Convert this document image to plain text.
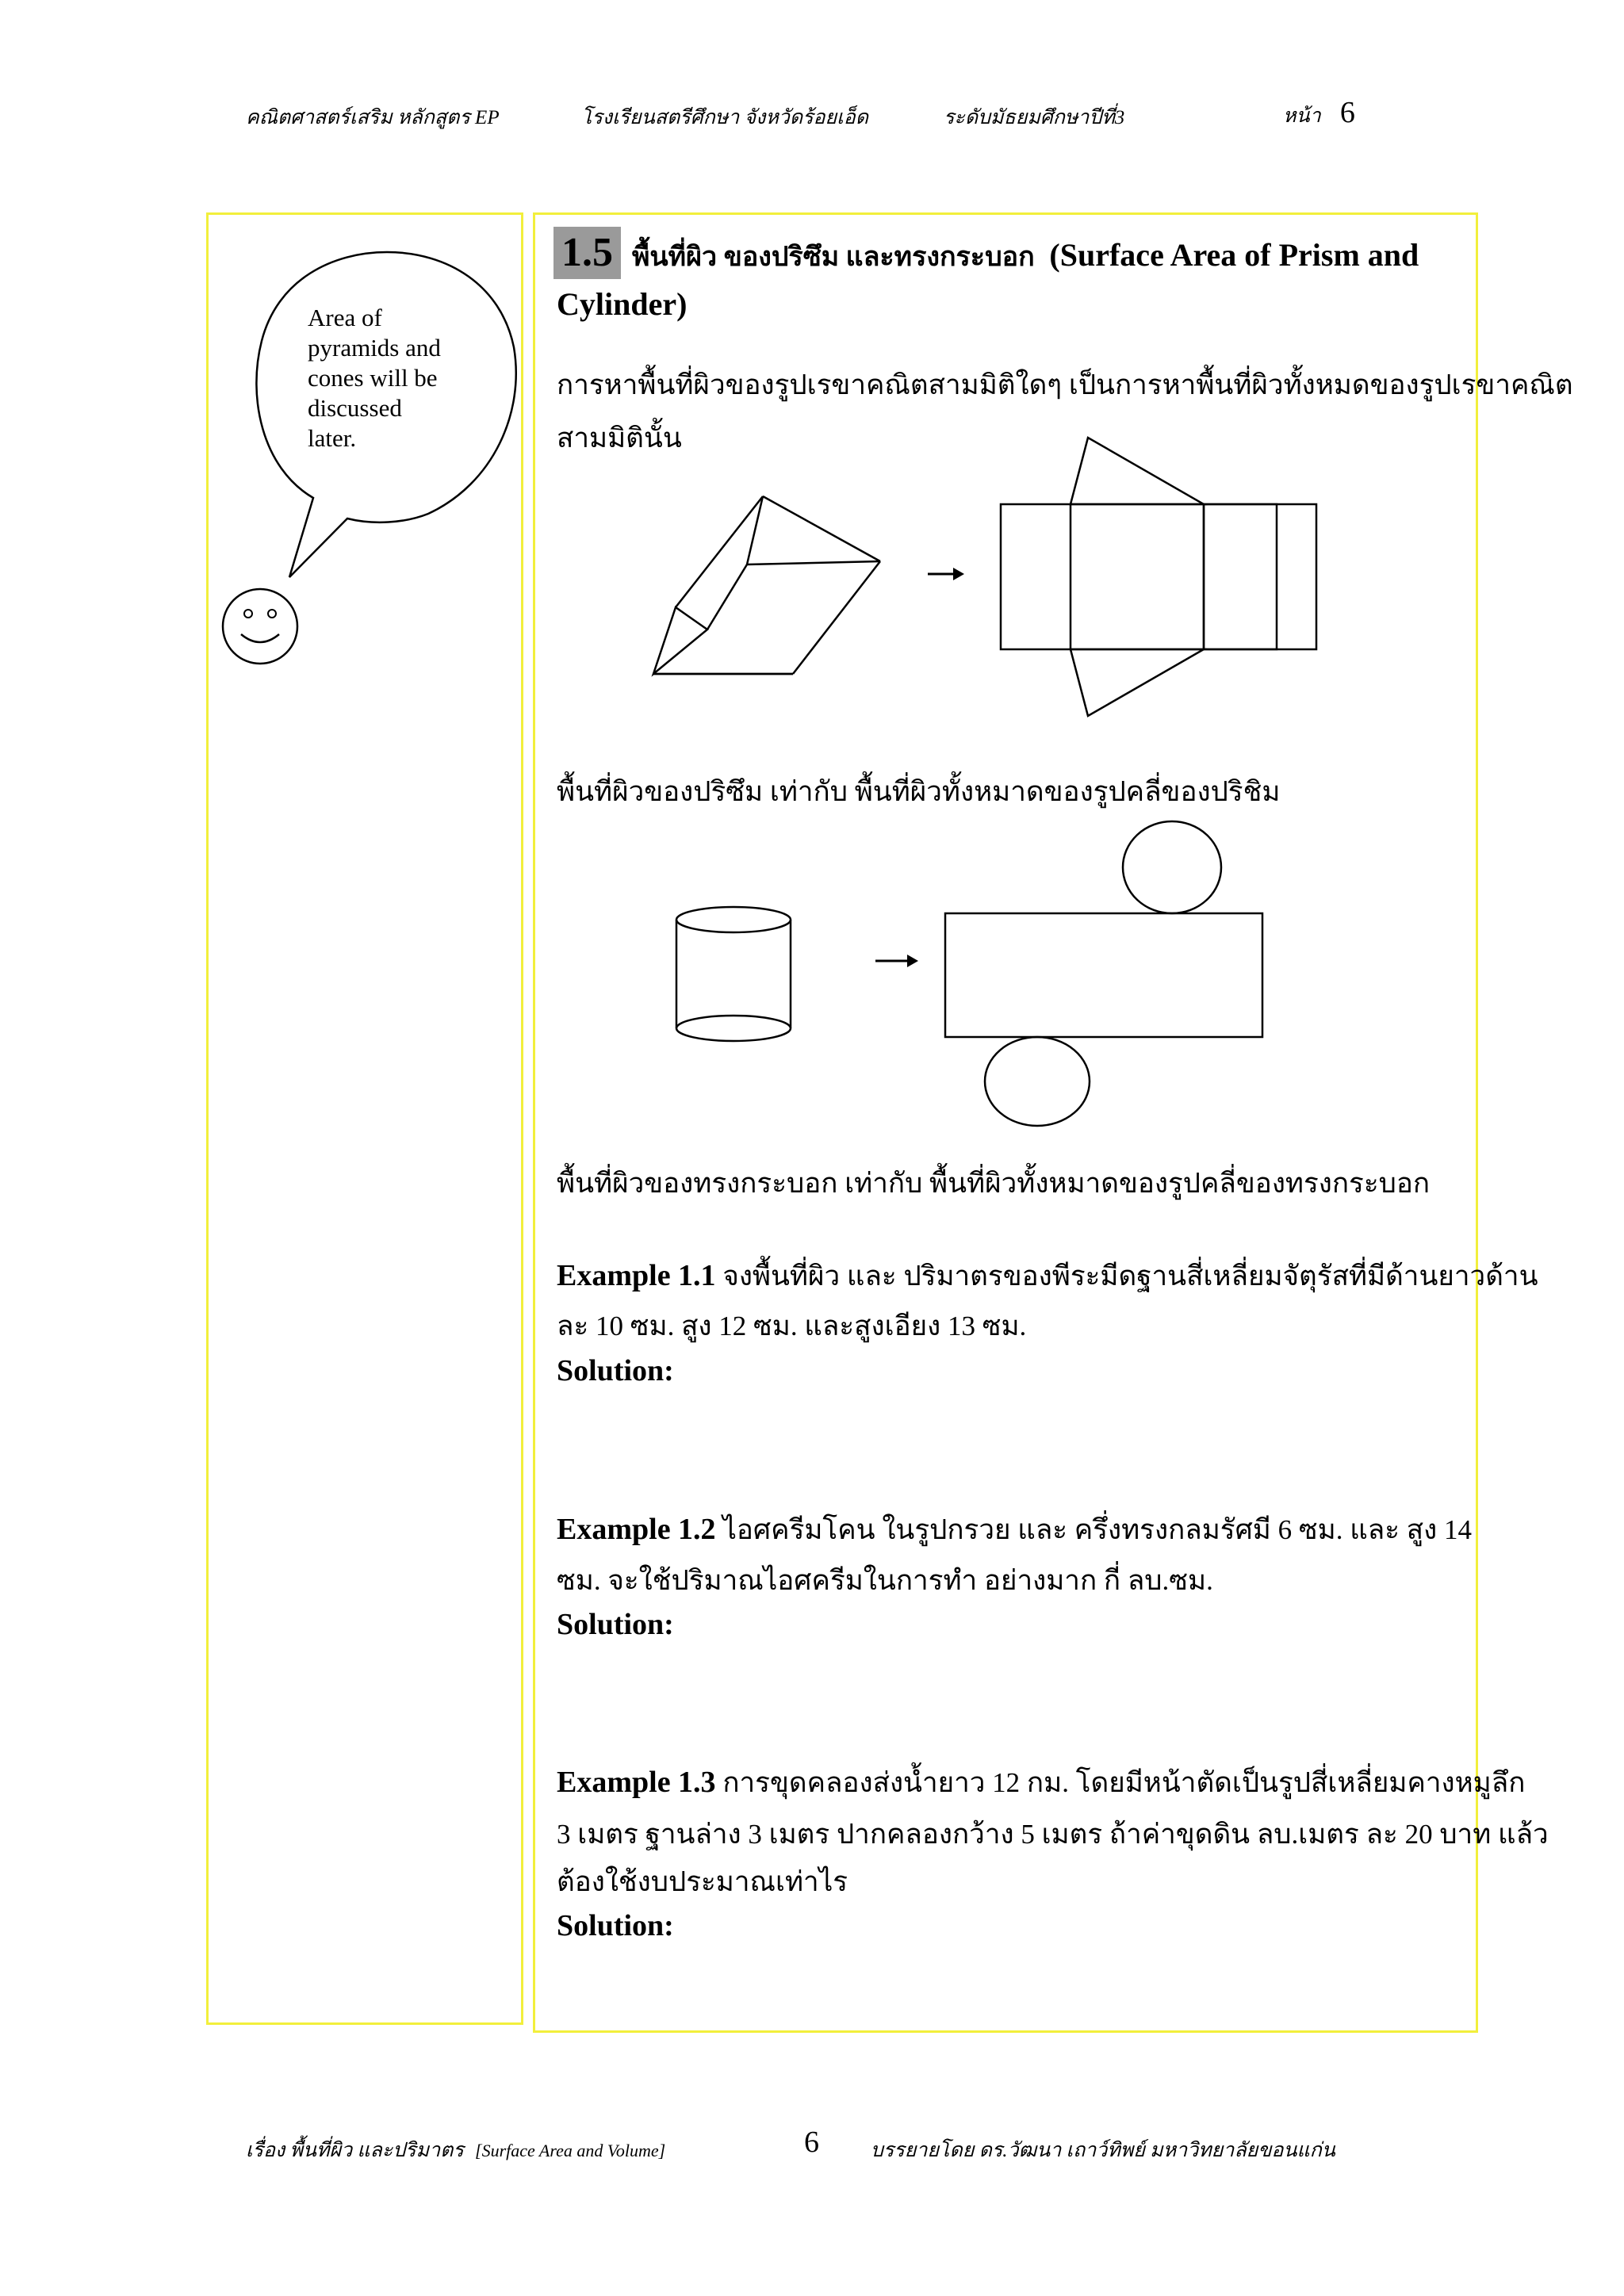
คณิตศาสตร์เสริม หลักสูตร EP	โรงเรียนสตรีศึกษา จังหวัดร้อยเอ็ด	ระดับมัธยมศึกษาปีที่3	หน้า 6
Area of
pyramids and
cones will be
discussed
later.
1.5 พื้นที่ผิว ของปริซึม และทรงกระบอก (Surface Area of Prism and
Cylinder)
การหาพื้นที่ผิวของรูปเรขาคณิตสามมิติใดๆ เป็นการหาพื้นที่ผิวทั้งหมดของรูปเรขาคณิต
สามมิตินั้น
พื้นที่ผิวของปริซึม เท่ากับ พื้นที่ผิวทั้งหมาดของรูปคลี่ของปริชิม
พื้นที่ผิวของทรงกระบอก เท่ากับ พื้นที่ผิวทั้งหมาดของรูปคลี่ของทรงกระบอก
Example 1.1 จงพื้นที่ผิว และ ปริมาตรของพีระมีดฐานสี่เหลี่ยมจัตุรัสที่มีด้านยาวด้าน
ละ 10 ซม. สูง 12 ซม. และสูงเอียง 13 ซม.
Solution:
Example 1.2 ไอศครีมโคน ในรูปกรวย และ ครึ่งทรงกลมรัศมี 6 ซม. และ สูง 14
ซม. จะใช้ปริมาณไอศครีมในการทำ อย่างมาก กี่ ลบ.ซม.
Solution:
Example 1.3 การขุดคลองส่งน้ำยาว 12 กม. โดยมีหน้าตัดเป็นรูปสี่เหลี่ยมคางหมูลึก
3 เมตร ฐานล่าง 3 เมตร ปากคลองกว้าง 5 เมตร ถ้าค่าขุดดิน ลบ.เมตร ละ 20 บาท แล้ว
ต้องใช้งบประมาณเท่าไร
Solution:
เรื่อง พื้นที่ผิว และปริมาตร [Surface Area and Volume]	6	บรรยายโดย ดร.วัฒนา เถาว์ทิพย์ มหาวิทยาลัยขอนแก่น
